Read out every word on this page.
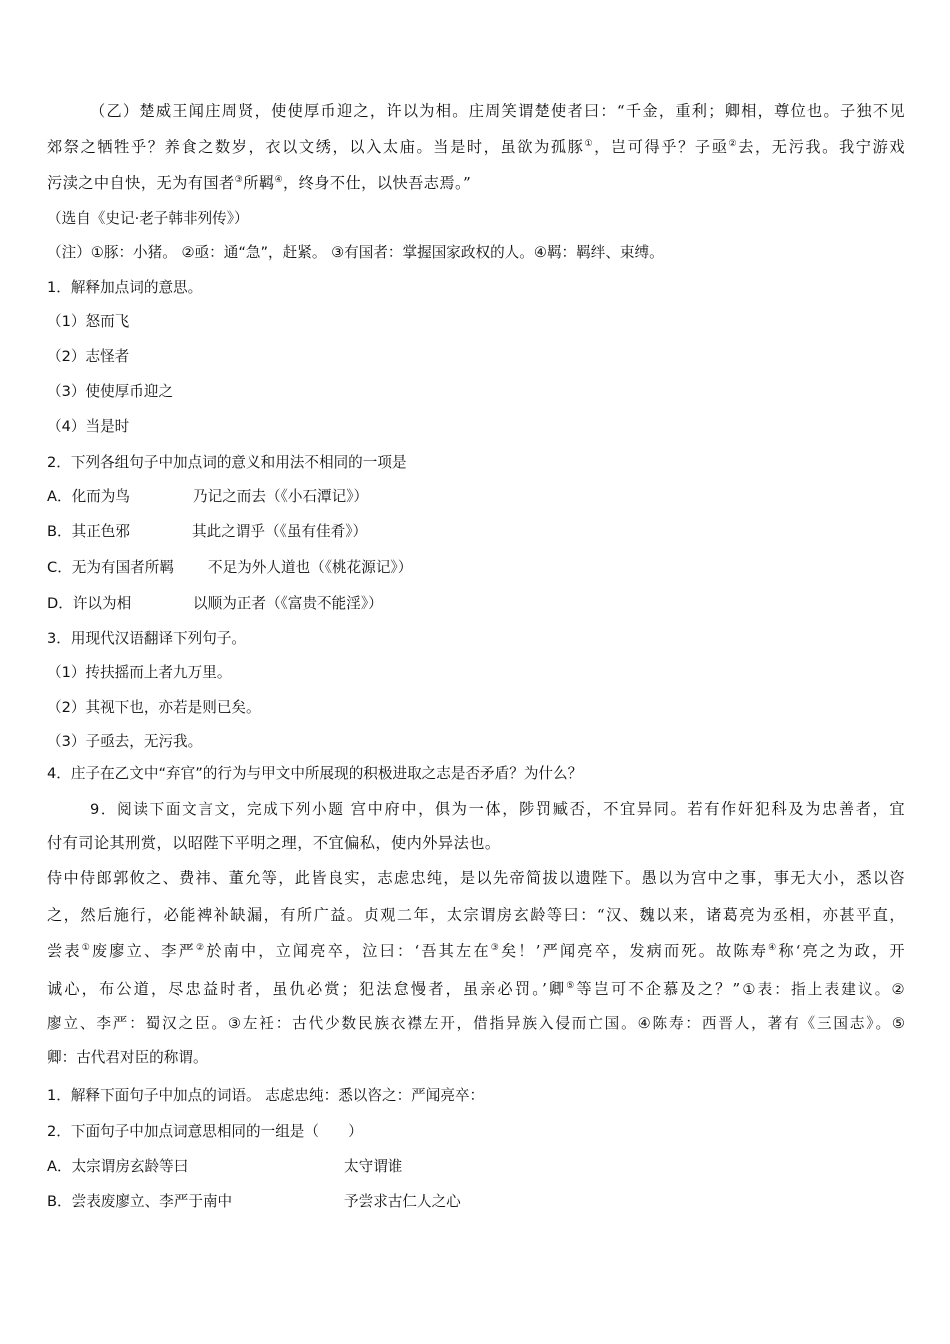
（乙）楚威王闻庄周贤，使使厚币迎之，许以为相。庄周笑谓楚使者曰：“千金，重利；卿相，尊位也。子独不见
郊祭之牺牲乎？养食之数岁，衣以文绣，以入太庙。当是时，虽欲为孤豚①，岂可得乎？子亟②去，无污我。我宁游戏
污渎之中自快，无为有国者③所羁④，终身不仕，以快吾志焉。”
（选自《史记·老子韩非列传》）
（注）①豚：小猪。 ②亟：通“急”，赶紧。 ③有国者：掌握国家政权的人。④羁：羁绊、束缚。
1．解释加点词的意思。
（1）怒而飞
（2）志怪者
（3）使使厚币迎之
（4）当是时
2．下列各组句子中加点词的意义和用法不相同的一项是
A．化而为鸟	乃记之而去（《小石潭记》）
B．其正色邪	其此之谓乎（《虽有佳肴》）
C．无为有国者所羁 不足为外人道也（《桃花源记》）
D．许以为相	以顺为正者（《富贵不能淫》）
3．用现代汉语翻译下列句子。
（1）抟扶摇而上者九万里。
（2）其视下也，亦若是则已矣。
（3）子亟去，无污我。
4．庄子在乙文中“弃官”的行为与甲文中所展现的积极进取之志是否矛盾？为什么？
9．阅读下面文言文，完成下列小题 宫中府中，俱为一体，陟罚臧否，不宜异同。若有作奸犯科及为忠善者，宜
付有司论其刑赏，以昭陛下平明之理，不宜偏私，使内外异法也。
侍中侍郎郭攸之、费祎、董允等，此皆良实，志虑忠纯，是以先帝简拔以遗陛下。愚以为宫中之事，事无大小，悉以咨
之，然后施行，必能裨补缺漏，有所广益。贞观二年，太宗谓房玄龄等曰：“汉、魏以来，诸葛亮为丞相，亦甚平直，
尝表①废廖立、李严②於南中，立闻亮卒，泣曰：‘吾其左在③矣！’严闻亮卒，发病而死。故陈寿④称‘亮之为政，开
诚心，布公道，尽忠益时者，虽仇必赏；犯法怠慢者，虽亲必罚。’卿⑤等岂可不企慕及之？”①表：指上表建议。②
廖立、李严：蜀汉之臣。③左衽：古代少数民族衣襟左开，借指异族入侵而亡国。④陈寿：西晋人，著有《三国志》。⑤
卿：古代君对臣的称谓。
1．解释下面句子中加点的词语。 志虑忠纯：悉以咨之：严闻亮卒：
2．下面句子中加点词意思相同的一组是（　　）
A．太宗谓房玄龄等曰	太守谓谁
B．尝表废廖立、李严于南中	予尝求古仁人之心
